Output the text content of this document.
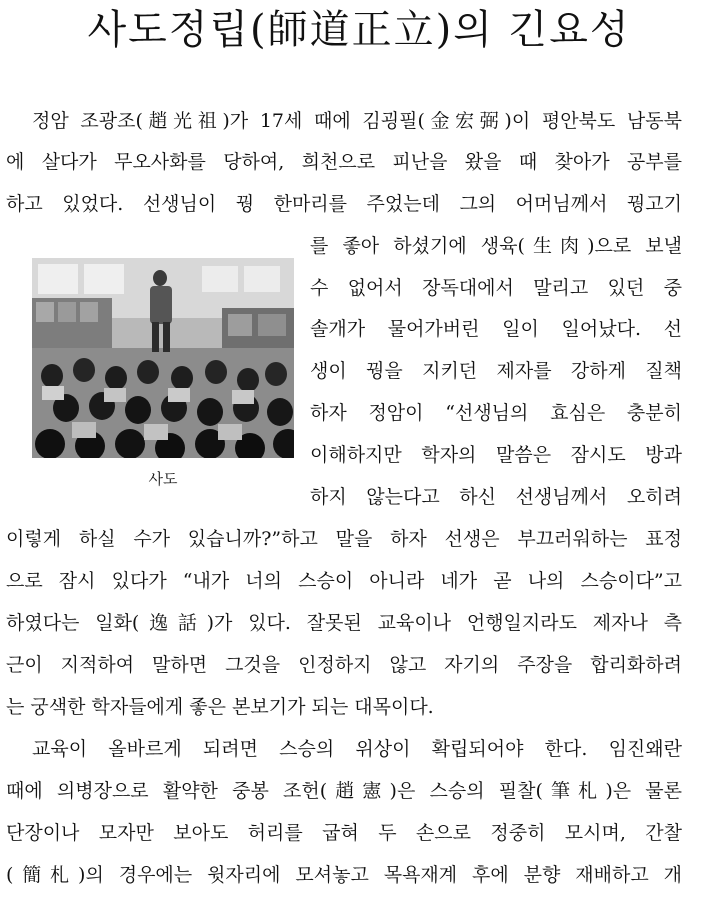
사도정립(師道正立)의 긴요성
정암 조광조(趙光祖)가 17세 때에 김굉필(金宏弼)이 평안북도 남동북
에 살다가 무오사화를 당하여, 희천으로 피난을 왔을 때 찾아가 공부를
하고 있었다. 선생님이 꿩 한마리를 주었는데 그의 어머님께서 꿩고기
를 좋아 하셨기에 생육(生肉)으로 보낼
수 없어서 장독대에서 말리고 있던 중
솔개가 물어가버린 일이 일어났다. 선
생이 꿩을 지키던 제자를 강하게 질책
하자 정암이 “선생님의 효심은 충분히
이해하지만 학자의 말씀은 잠시도 방과
하지 않는다고 하신 선생님께서 오히려
이렇게 하실 수가 있습니까?”하고 말을 하자 선생은 부끄러워하는 표정
으로 잠시 있다가 “내가 너의 스승이 아니라 네가 곧 나의 스승이다”고
하였다는 일화(逸話)가 있다. 잘못된 교육이나 언행일지라도 제자나 측
근이 지적하여 말하면 그것을 인정하지 않고 자기의 주장을 합리화하려
는 궁색한 학자들에게 좋은 본보기가 되는 대목이다.
교육이 올바르게 되려면 스승의 위상이 확립되어야 한다. 임진왜란
때에 의병장으로 활약한 중봉 조헌(趙憲)은 스승의 필찰(筆札)은 물론
단장이나 모자만 보아도 허리를 굽혀 두 손으로 정중히 모시며, 간찰
(簡札)의 경우에는 윗자리에 모셔놓고 목욕재계 후에 분향 재배하고 개
사도
